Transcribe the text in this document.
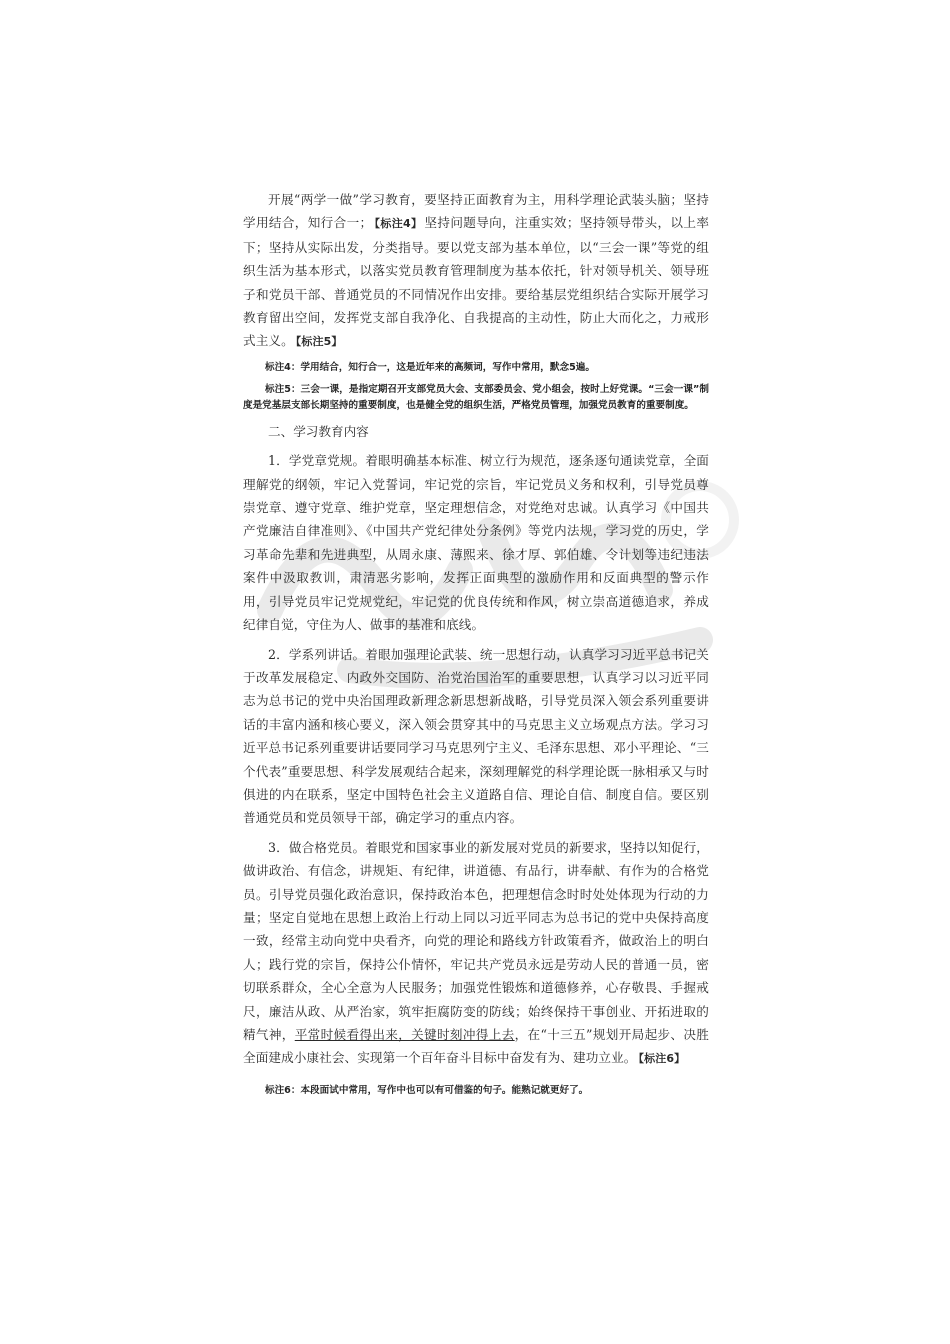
开展“两学一做”学习教育，要坚持正面教育为主，用科学理论武装头脑；坚持学用结合，知行合一； 【标注4】 坚持问题导向，注重实效；坚持领导带头，以上率下；坚持从实际出发，分类指导。要以党支部为基本单位，以“三会一课”等党的组织生活为基本形式，以落实党员教育管理制度为基本依托，针对领导机关、领导班子和党员干部、普通党员的不同情况作出安排。要给基层党组织结合实际开展学习教育留出空间，发挥党支部自我净化、自我提高的主动性，防止大而化之，力戒形式主义。 【标注5】

标注4：学用结合，知行合一，这是近年来的高频词，写作中常用，默念5遍。

标注5：三会一课，是指定期召开支部党员大会、支部委员会、党小组会，按时上好党课。“三会一课”制度是党基层支部长期坚持的重要制度，也是健全党的组织生活，严格党员管理，加强党员教育的重要制度。

二、学习教育内容

1．学党章党规。着眼明确基本标准、树立行为规范，逐条逐句通读党章，全面理解党的纲领，牢记入党誓词，牢记党的宗旨，牢记党员义务和权利，引导党员尊崇党章、遵守党章、维护党章，坚定理想信念，对党绝对忠诚。认真学习《中国共产党廉洁自律准则》、《中国共产党纪律处分条例》等党内法规，学习党的历史，学习革命先辈和先进典型，从周永康、薄熙来、徐才厚、郭伯雄、令计划等违纪违法案件中汲取教训，肃清恶劣影响，发挥正面典型的激励作用和反面典型的警示作用，引导党员牢记党规党纪，牢记党的优良传统和作风，树立崇高道德追求，养成纪律自觉，守住为人、做事的基准和底线。

2．学系列讲话。着眼加强理论武装、统一思想行动，认真学习习近平总书记关于改革发展稳定、内政外交国防、治党治国治军的重要思想，认真学习以习近平同志为总书记的党中央治国理政新理念新思想新战略，引导党员深入领会系列重要讲话的丰富内涵和核心要义，深入领会贯穿其中的马克思主义立场观点方法。学习习近平总书记系列重要讲话要同学习马克思列宁主义、毛泽东思想、邓小平理论、“三个代表”重要思想、科学发展观结合起来，深刻理解党的科学理论既一脉相承又与时俱进的内在联系，坚定中国特色社会主义道路自信、理论自信、制度自信。要区别普通党员和党员领导干部，确定学习的重点内容。

3．做合格党员。着眼党和国家事业的新发展对党员的新要求，坚持以知促行，做讲政治、有信念，讲规矩、有纪律，讲道德、有品行，讲奉献、有作为的合格党员。引导党员强化政治意识，保持政治本色，把理想信念时时处处体现为行动的力量；坚定自觉地在思想上政治上行动上同以习近平同志为总书记的党中央保持高度一致，经常主动向党中央看齐，向党的理论和路线方针政策看齐，做政治上的明白人；践行党的宗旨，保持公仆情怀，牢记共产党员永远是劳动人民的普通一员，密切联系群众，全心全意为人民服务；加强党性锻炼和道德修养，心存敬畏、手握戒尺，廉洁从政、从严治家，筑牢拒腐防变的防线；始终保持干事创业、开拓进取的精气神，平常时候看得出来，关键时刻冲得上去，在“十三五”规划开局起步、决胜全面建成小康社会、实现第一个百年奋斗目标中奋发有为、建功立业。 【标注6】

标注6：本段面试中常用，写作中也可以有可借鉴的句子。能熟记就更好了。
